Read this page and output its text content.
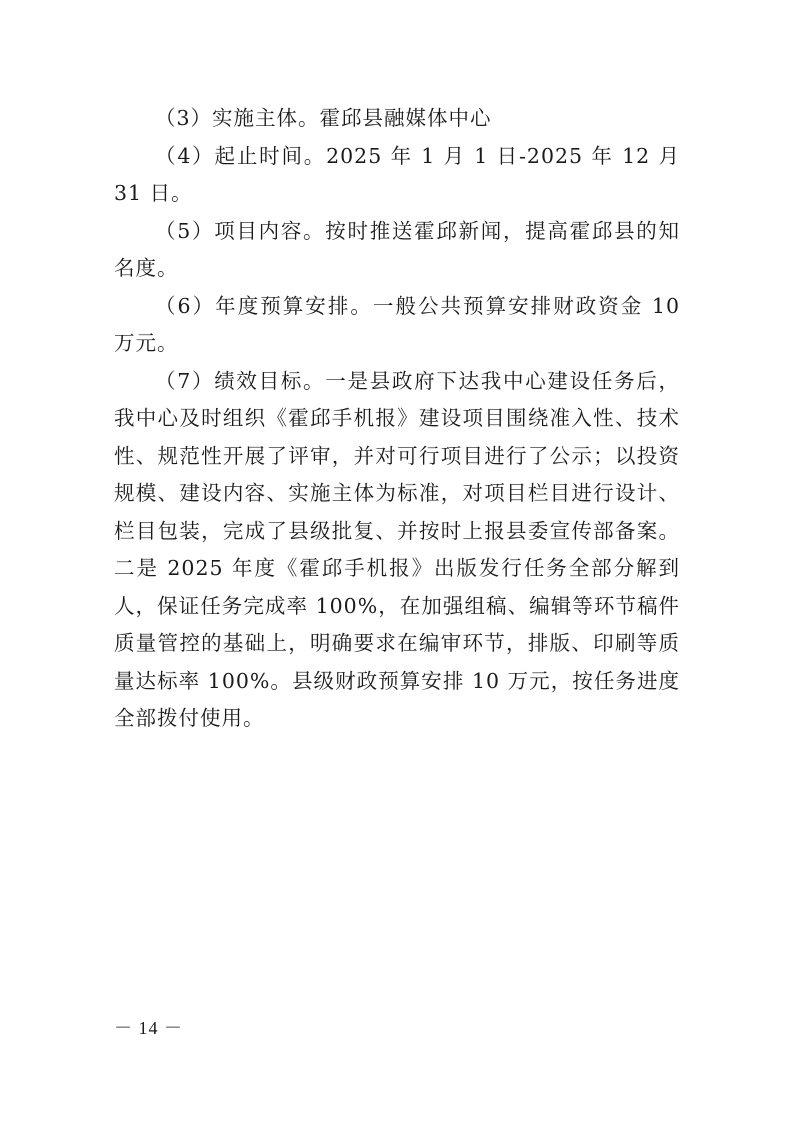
（3）实施主体。霍邱县融媒体中心

（4）起止时间。2025 年 1 月 1 日-2025 年 12 月 31 日。

（5）项目内容。按时推送霍邱新闻，提高霍邱县的知名度。

（6）年度预算安排。一般公共预算安排财政资金 10 万元。

（7）绩效目标。一是县政府下达我中心建设任务后，我中心及时组织《霍邱手机报》建设项目围绕准入性、技术性、规范性开展了评审，并对可行项目进行了公示；以投资规模、建设内容、实施主体为标准，对项目栏目进行设计、栏目包装，完成了县级批复、并按时上报县委宣传部备案。二是 2025 年度《霍邱手机报》出版发行任务全部分解到人，保证任务完成率 100%，在加强组稿、编辑等环节稿件质量管控的基础上，明确要求在编审环节，排版、印刷等质量达标率 100%。县级财政预算安排 10 万元，按任务进度全部拨付使用。

－ 14 －
